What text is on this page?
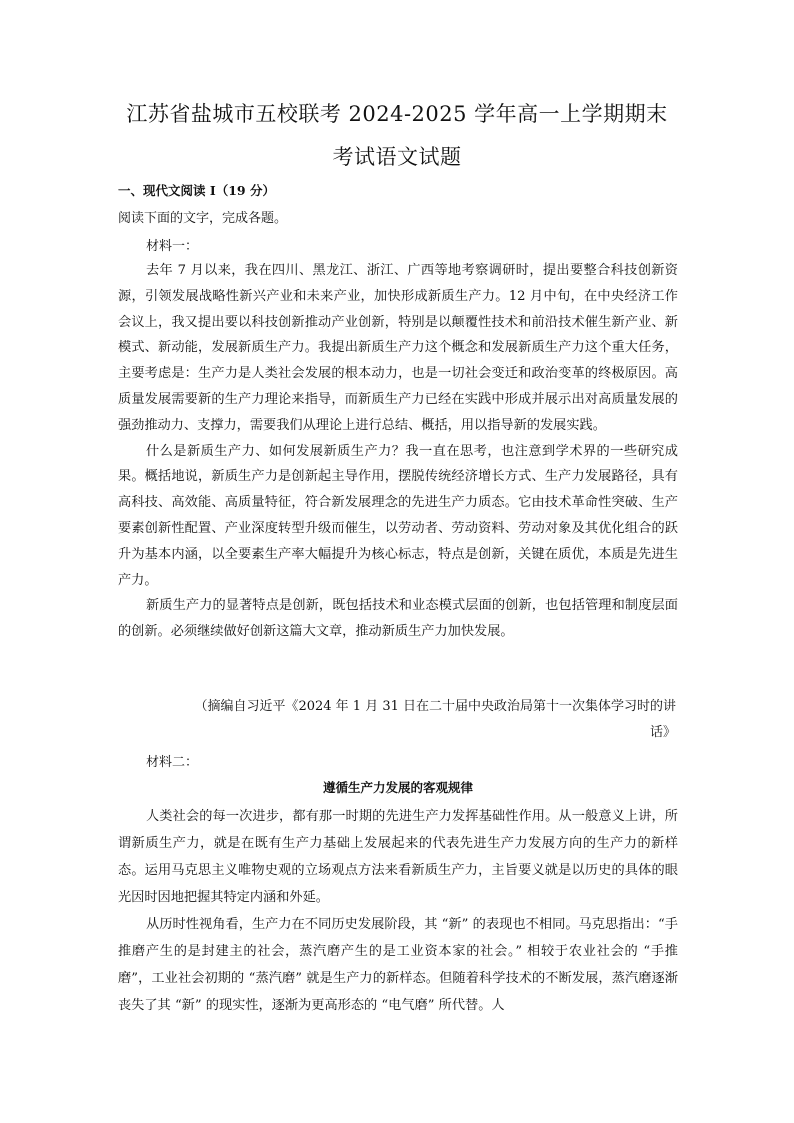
江苏省盐城市五校联考 2024-2025 学年高一上学期期末
考试语文试题

一、现代文阅读 I（19 分）

阅读下面的文字，完成各题。

材料一：

去年 7 月以来，我在四川、黑龙江、浙江、广西等地考察调研时，提出要整合科技创新资源，引领发展战略性新兴产业和未来产业，加快形成新质生产力。12 月中旬，在中央经济工作会议上，我又提出要以科技创新推动产业创新，特别是以颠覆性技术和前沿技术催生新产业、新模式、新动能，发展新质生产力。我提出新质生产力这个概念和发展新质生产力这个重大任务，主要考虑是：生产力是人类社会发展的根本动力，也是一切社会变迁和政治变革的终极原因。高质量发展需要新的生产力理论来指导，而新质生产力已经在实践中形成并展示出对高质量发展的强劲推动力、支撑力，需要我们从理论上进行总结、概括，用以指导新的发展实践。

什么是新质生产力、如何发展新质生产力？我一直在思考，也注意到学术界的一些研究成果。概括地说，新质生产力是创新起主导作用，摆脱传统经济增长方式、生产力发展路径，具有高科技、高效能、高质量特征，符合新发展理念的先进生产力质态。它由技术革命性突破、生产要素创新性配置、产业深度转型升级而催生，以劳动者、劳动资料、劳动对象及其优化组合的跃升为基本内涵，以全要素生产率大幅提升为核心标志，特点是创新，关键在质优，本质是先进生产力。

新质生产力的显著特点是创新，既包括技术和业态模式层面的创新，也包括管理和制度层面的创新。必须继续做好创新这篇大文章，推动新质生产力加快发展。

（摘编自习近平《2024 年 1 月 31 日在二十届中央政治局第十一次集体学习时的讲话》

材料二：

遵循生产力发展的客观规律

人类社会的每一次进步，都有那一时期的先进生产力发挥基础性作用。从一般意义上讲，所谓新质生产力，就是在既有生产力基础上发展起来的代表先进生产力发展方向的生产力的新样态。运用马克思主义唯物史观的立场观点方法来看新质生产力，主旨要义就是以历史的具体的眼光因时因地把握其特定内涵和外延。

从历时性视角看，生产力在不同历史发展阶段，其 “新” 的表现也不相同。马克思指出：“手推磨产生的是封建主的社会，蒸汽磨产生的是工业资本家的社会。” 相较于农业社会的 “手推磨”，工业社会初期的 “蒸汽磨” 就是生产力的新样态。但随着科学技术的不断发展，蒸汽磨逐渐丧失了其 “新” 的现实性，逐渐为更高形态的 “电气磨” 所代替。人
